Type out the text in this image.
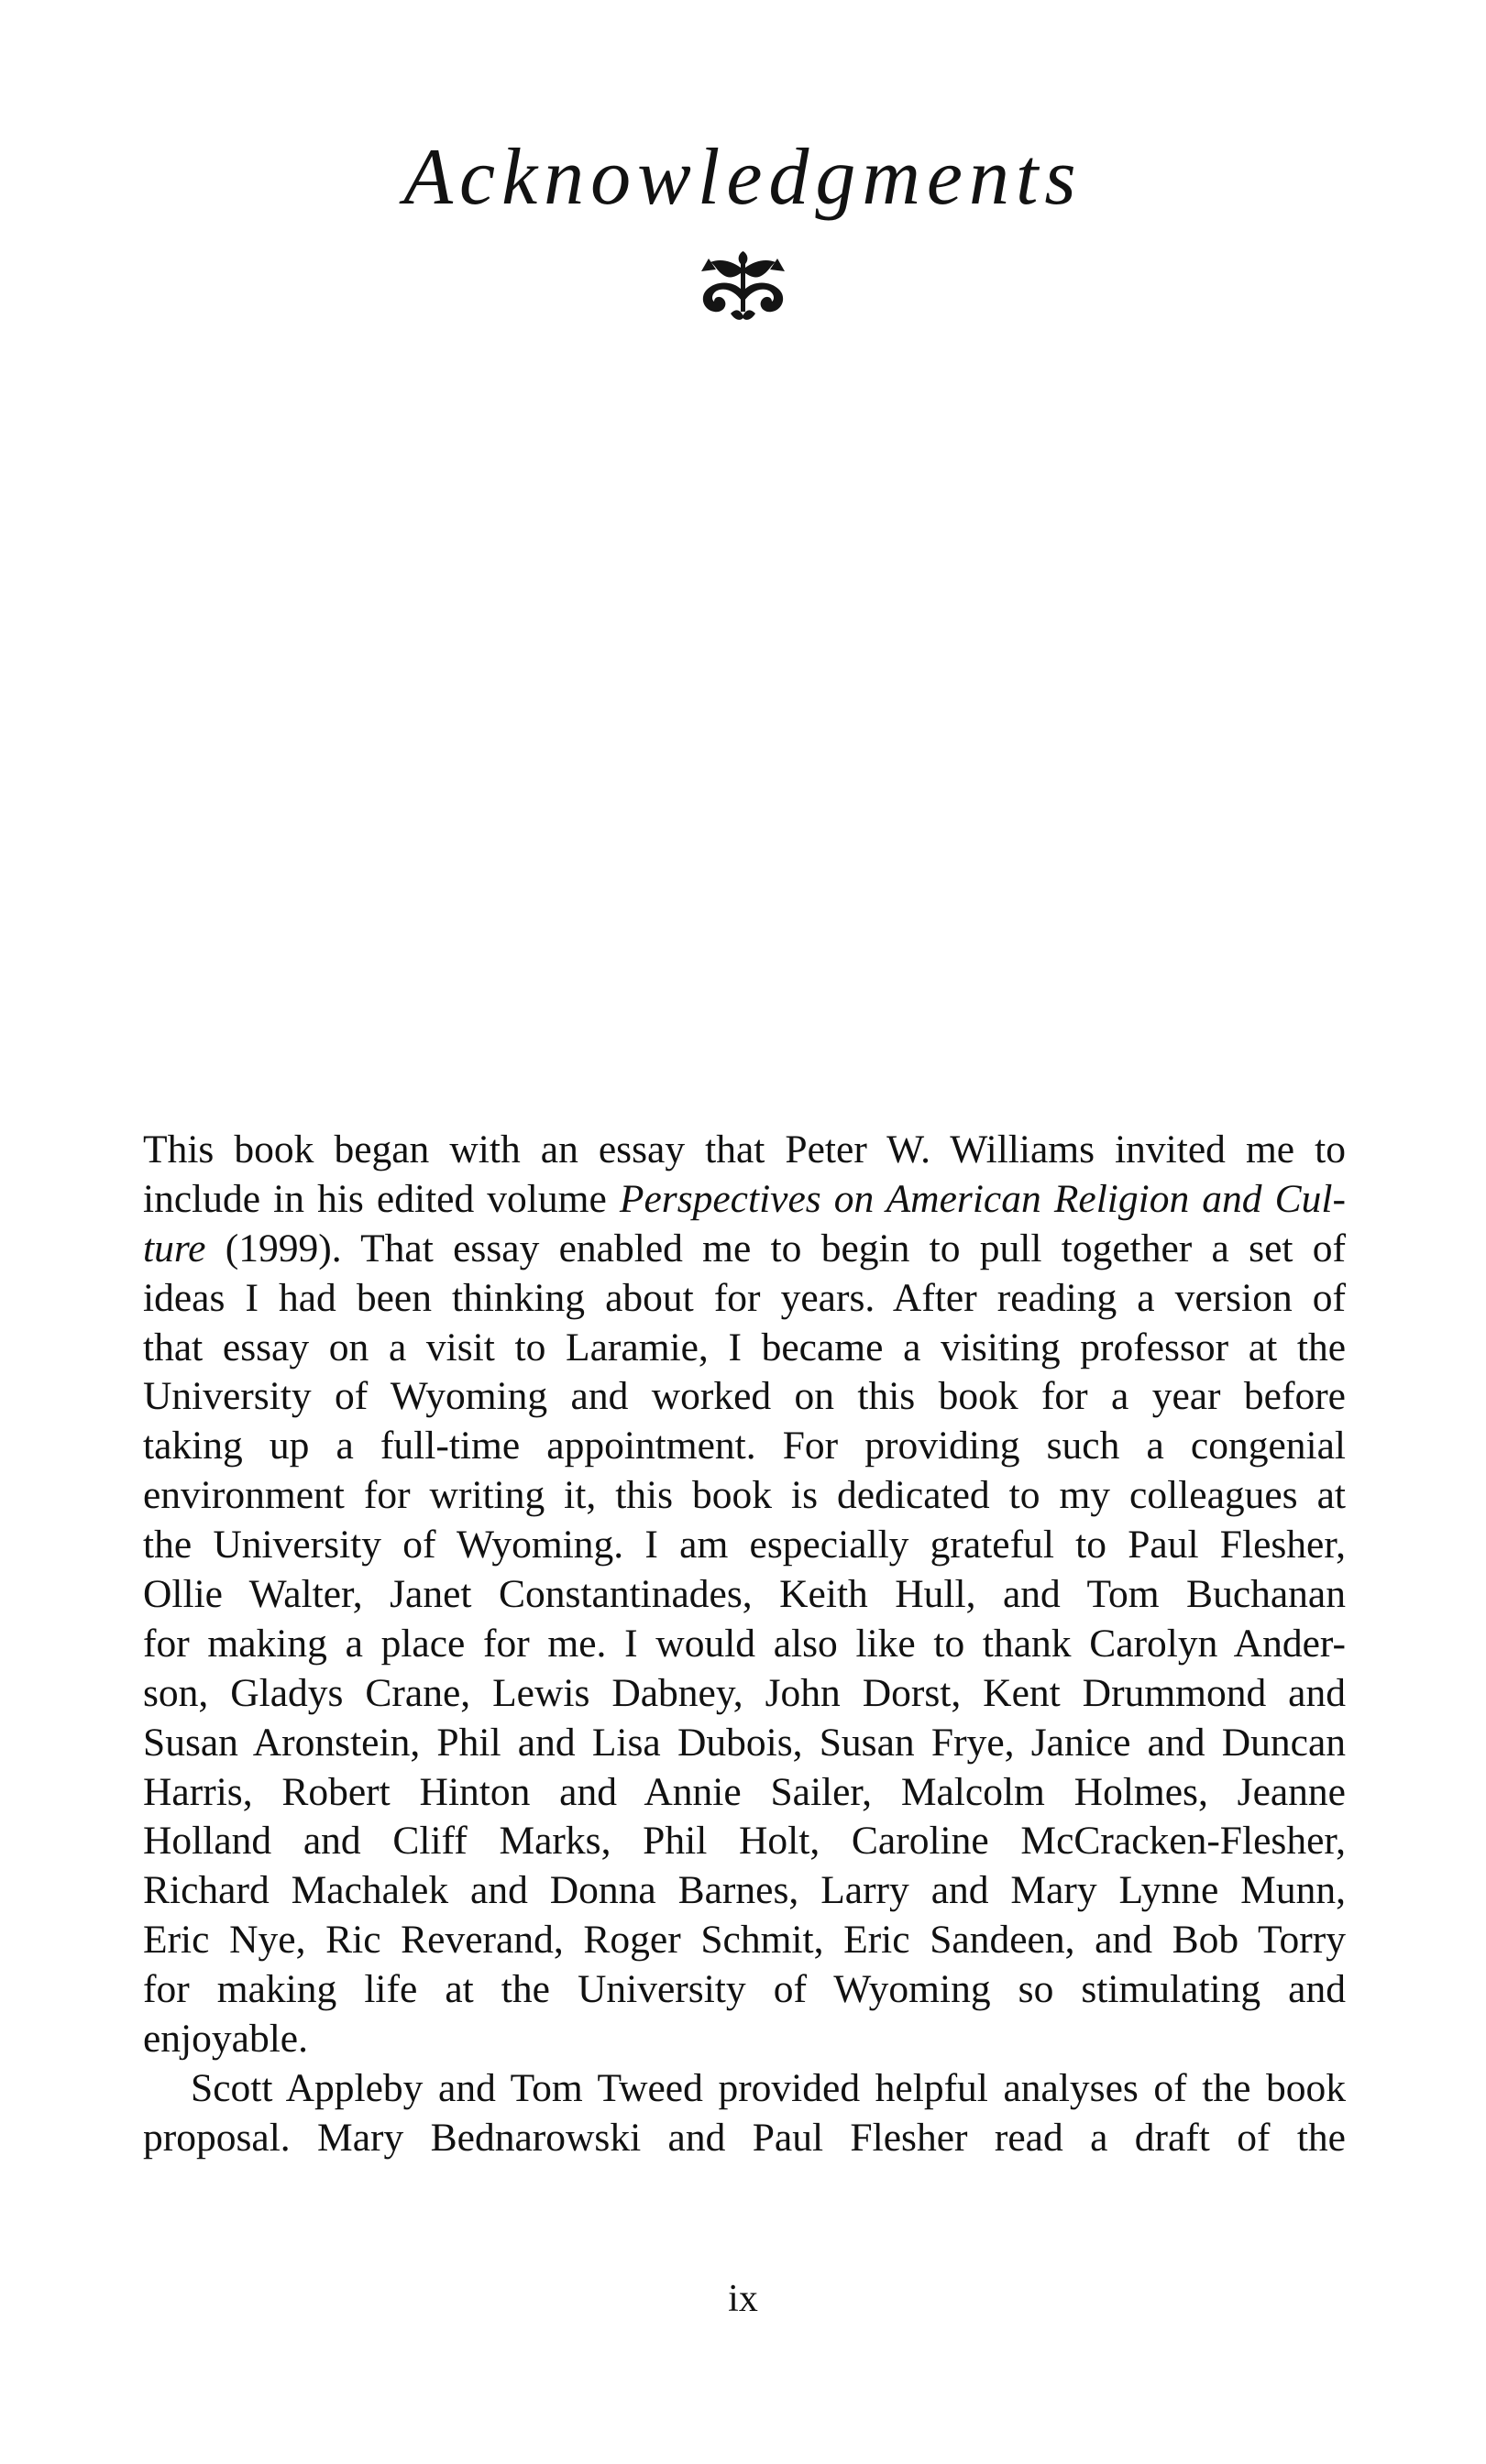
Acknowledgments
This book began with an essay that Peter W. Williams invited me to
include in his edited volume Perspectives on American Religion and Cul-
ture (1999). That essay enabled me to begin to pull together a set of
ideas I had been thinking about for years. After reading a version of
that essay on a visit to Laramie, I became a visiting professor at the
University of Wyoming and worked on this book for a year before
taking up a full-time appointment. For providing such a congenial
environment for writing it, this book is dedicated to my colleagues at
the University of Wyoming. I am especially grateful to Paul Flesher,
Ollie Walter, Janet Constantinades, Keith Hull, and Tom Buchanan
for making a place for me. I would also like to thank Carolyn Ander-
son, Gladys Crane, Lewis Dabney, John Dorst, Kent Drummond and
Susan Aronstein, Phil and Lisa Dubois, Susan Frye, Janice and Duncan
Harris, Robert Hinton and Annie Sailer, Malcolm Holmes, Jeanne
Holland and Cliff Marks, Phil Holt, Caroline McCracken-Flesher,
Richard Machalek and Donna Barnes, Larry and Mary Lynne Munn,
Eric Nye, Ric Reverand, Roger Schmit, Eric Sandeen, and Bob Torry
for making life at the University of Wyoming so stimulating and
enjoyable.
Scott Appleby and Tom Tweed provided helpful analyses of the book
proposal. Mary Bednarowski and Paul Flesher read a draft of the
ix
